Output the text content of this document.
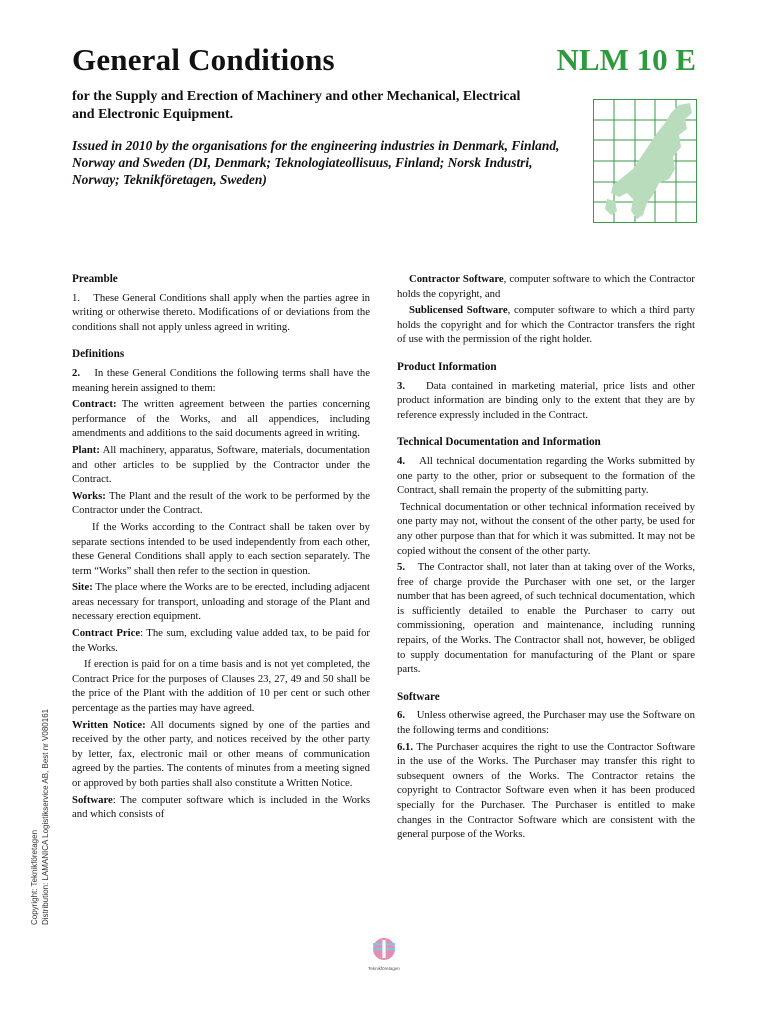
General Conditions	NLM 10 E

for the Supply and Erection of Machinery and other Mechanical, Electrical and Electronic Equipment.

Issued in 2010 by the organisations for the engineering industries in Denmark, Finland, Norway and Sweden (DI, Denmark; Teknologiateollisuus, Finland; Norsk Industri, Norway; Teknikföretagen, Sweden)

Preamble

1. These General Conditions shall apply when the parties agree in writing or otherwise thereto. Modifications of or deviations from the conditions shall not apply unless agreed in writing.

Definitions

2. In these General Conditions the following terms shall have the meaning herein assigned to them:

Contract: The written agreement between the parties concerning performance of the Works, and all appendices, including amendments and additions to the said documents agreed in writing.

Plant: All machinery, apparatus, Software, materials, documentation and other articles to be supplied by the Contractor under the Contract.

Works: The Plant and the result of the work to be performed by the Contractor under the Contract.

If the Works according to the Contract shall be taken over by separate sections intended to be used independently from each other, these General Conditions shall apply to each section separately. The term “Works” shall then refer to the section in question.

Site: The place where the Works are to be erected, including adjacent areas necessary for transport, unloading and storage of the Plant and necessary erection equipment.

Contract Price: The sum, excluding value added tax, to be paid for the Works.

If erection is paid for on a time basis and is not yet completed, the Contract Price for the purposes of Clauses 23, 27, 49 and 50 shall be the price of the Plant with the addition of 10 per cent or such other percentage as the parties may have agreed.

Written Notice: All documents signed by one of the parties and received by the other party, and notices received by the other party by letter, fax, electronic mail or other means of communication agreed by the parties. The contents of minutes from a meeting signed or approved by both parties shall also constitute a Written Notice.

Software: The computer software which is included in the Works and which consists of

Contractor Software, computer software to which the Contractor holds the copyright, and

Sublicensed Software, computer software to which a third party holds the copyright and for which the Contractor transfers the right of use with the permission of the right holder.

Product Information

3. Data contained in marketing material, price lists and other product information are binding only to the extent that they are by reference expressly included in the Contract.

Technical Documentation and Information

4. All technical documentation regarding the Works submitted by one party to the other, prior or subsequent to the formation of the Contract, shall remain the property of the submitting party.

Technical documentation or other technical information received by one party may not, without the consent of the other party, be used for any other purpose than that for which it was submitted. It may not be copied without the consent of the other party.

5. The Contractor shall, not later than at taking over of the Works, free of charge provide the Purchaser with one set, or the larger number that has been agreed, of such technical documentation, which is sufficiently detailed to enable the Purchaser to carry out commissioning, operation and maintenance, including running repairs, of the Works. The Contractor shall not, however, be obliged to supply documentation for manufacturing of the Plant or spare parts.

Software

6. Unless otherwise agreed, the Purchaser may use the Software on the following terms and conditions:

6.1. The Purchaser acquires the right to use the Contractor Software in the use of the Works. The Purchaser may transfer this right to subsequent owners of the Works. The Contractor retains the copyright to Contractor Software even when it has been produced specially for the Purchaser. The Purchaser is entitled to make changes in the Contractor Software which are consistent with the general purpose of the Works.

Copyright: Teknikföretagen Distribution: LAMANICA Logistikservice AB, Best nr V080161
Teknikföretagen
